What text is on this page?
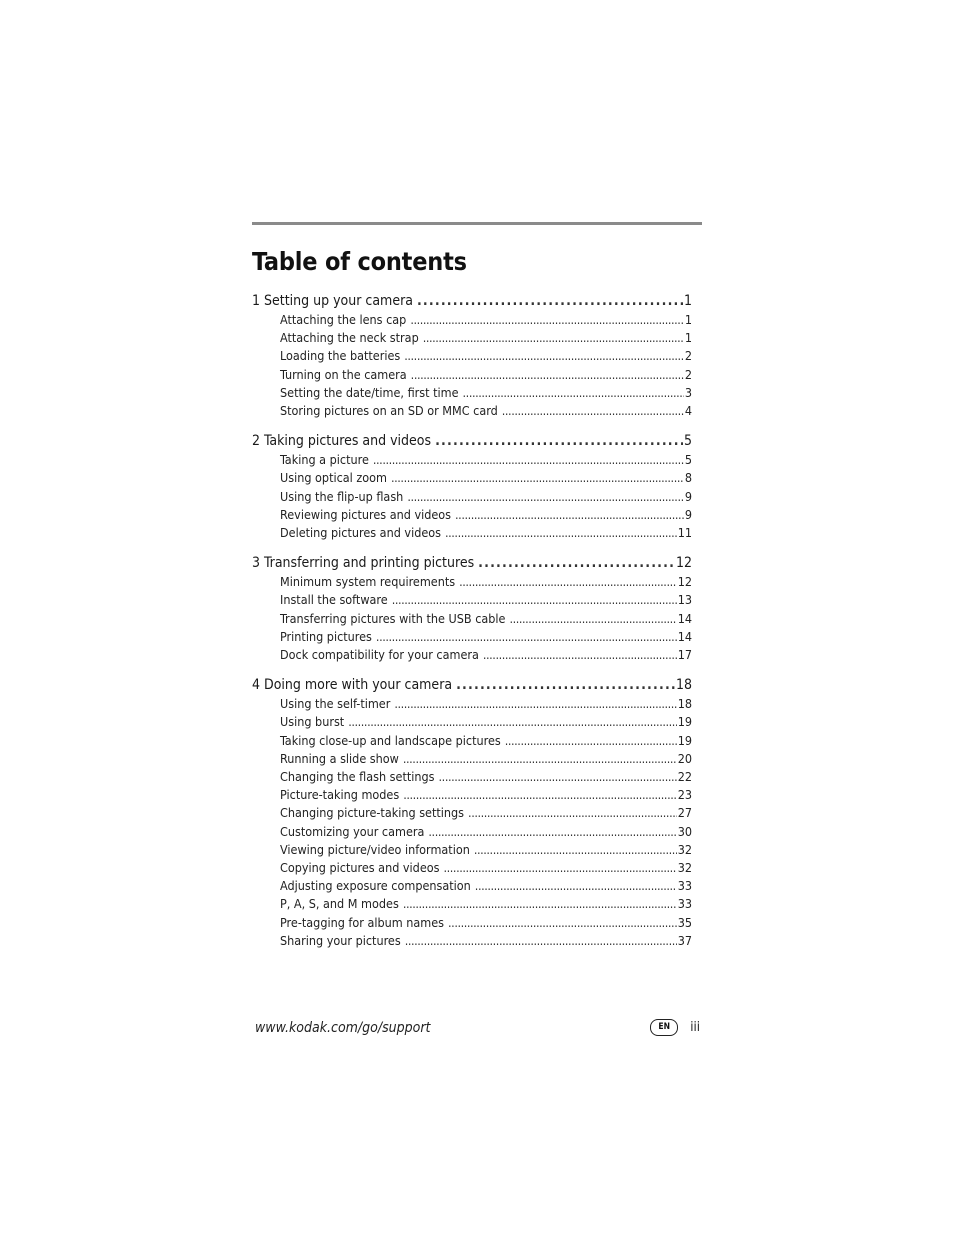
Table of contents
1 Setting up your camera . . .	1
Attaching the lens cap . . .	1
Attaching the neck strap . . .	1
Loading the batteries . . .	2
Turning on the camera . . .	2
Setting the date/time, first time . . .	3
Storing pictures on an SD or MMC card . . .	4
2 Taking pictures and videos . . .	5
Taking a picture . . .	5
Using optical zoom . . .	8
Using the flip-up flash . . .	9
Reviewing pictures and videos . . .	9
Deleting pictures and videos . . .	11
3 Transferring and printing pictures . . .	12
Minimum system requirements . . .	12
Install the software . . .	13
Transferring pictures with the USB cable . . .	14
Printing pictures . . .	14
Dock compatibility for your camera . . .	17
4 Doing more with your camera . . .	18
Using the self-timer . . .	18
Using burst . . .	19
Taking close-up and landscape pictures . . .	19
Running a slide show . . .	20
Changing the flash settings . . .	22
Picture-taking modes . . .	23
Changing picture-taking settings . . .	27
Customizing your camera . . .	30
Viewing picture/video information . . .	32
Copying pictures and videos . . .	32
Adjusting exposure compensation . . .	33
P, A, S, and M modes . . .	33
Pre-tagging for album names . . .	35
Sharing your pictures . . .	37
www.kodak.com/go/support	EN	iii
